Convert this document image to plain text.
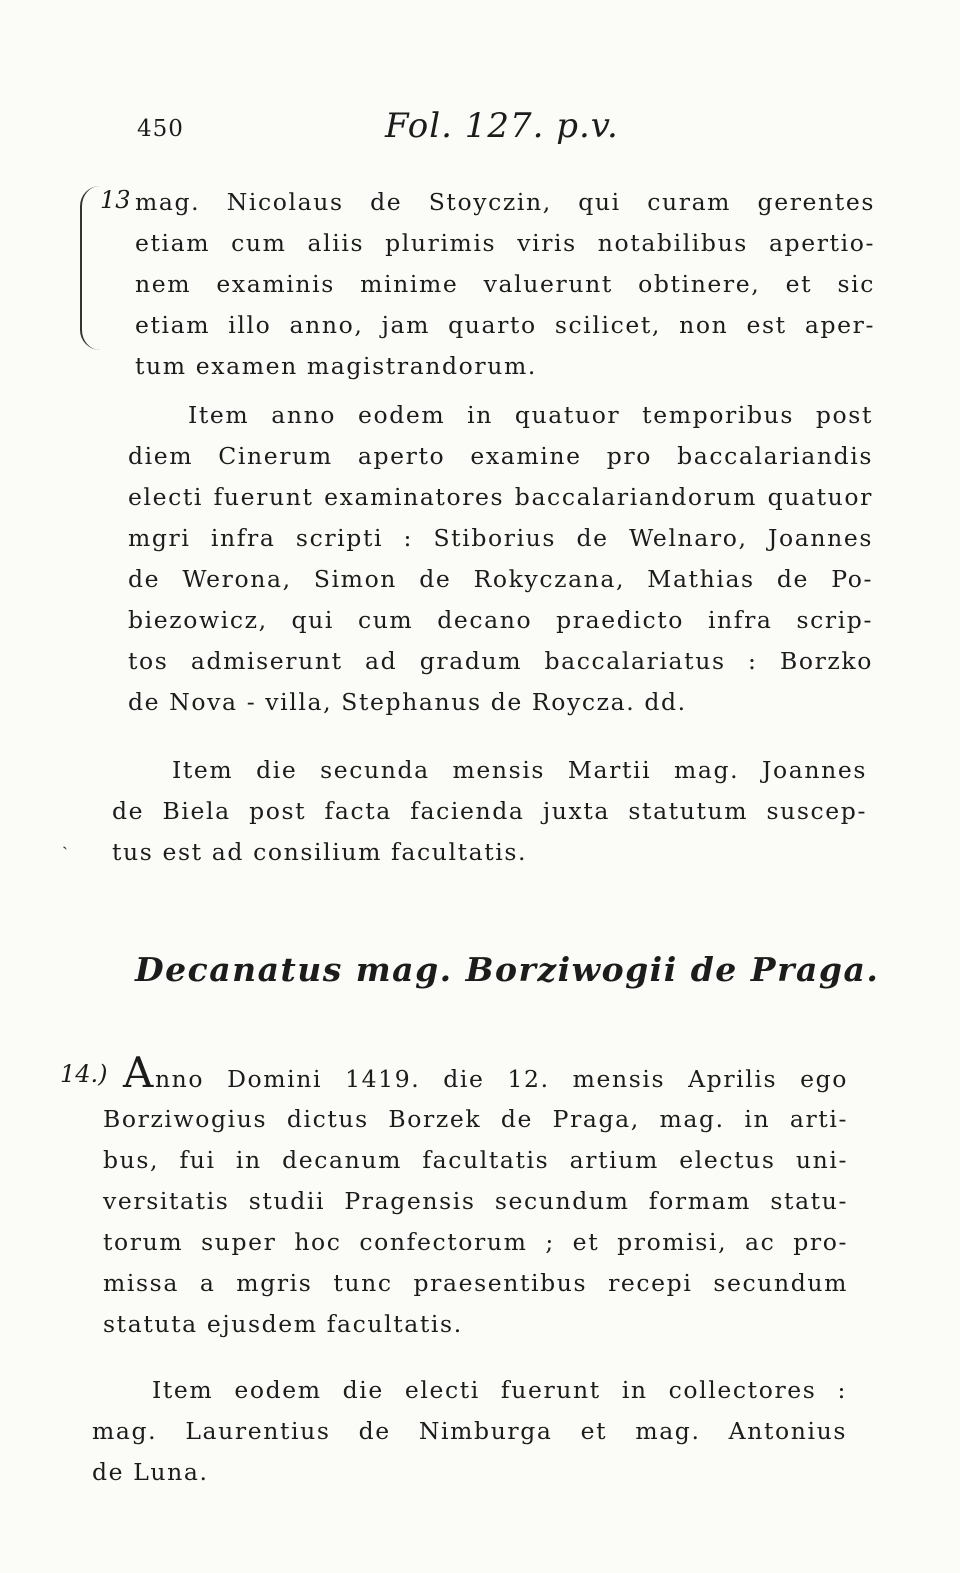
450	Fol. 127. p.v.
13 mag. Nicolaus de Stoyczin, qui curam gerentes
etiam cum aliis plurimis viris notabilibus apertio-
nem examinis minime valuerunt obtinere, et sic
etiam illo anno, jam quarto scilicet, non est aper-
tum examen magistrandorum.
Item anno eodem in quatuor temporibus post
diem Cinerum aperto examine pro baccalariandis
electi fuerunt examinatores baccalariandorum quatuor
mgri infra scripti : Stiborius de Welnaro, Joannes
de Werona, Simon de Rokyczana, Mathias de Po-
biezowicz, qui cum decano praedicto infra scrip-
tos admiserunt ad gradum baccalariatus : Borzko
de Nova - villa, Stephanus de Royczа. dd.
Item die secunda mensis Martii mag. Joannes
de Biela post facta facienda juxta statutum suscep-
tus est ad consilium facultatis.
˴
Decanatus mag. Borziwogii de Praga.
14.) Anno Domini 1419. die 12. mensis Aprilis ego
Borziwogius dictus Borzek de Praga, mag. in arti-
bus, fui in decanum facultatis artium electus uni-
versitatis studii Pragensis secundum formam statu-
torum super hoc confectorum ; et promisi, ac pro-
missa a mgris tunc praesentibus recepi secundum
statuta ejusdem facultatis.
Item eodem die electi fuerunt in collectores :
mag. Laurentius de Nimburga et mag. Antonius
de Luna.
